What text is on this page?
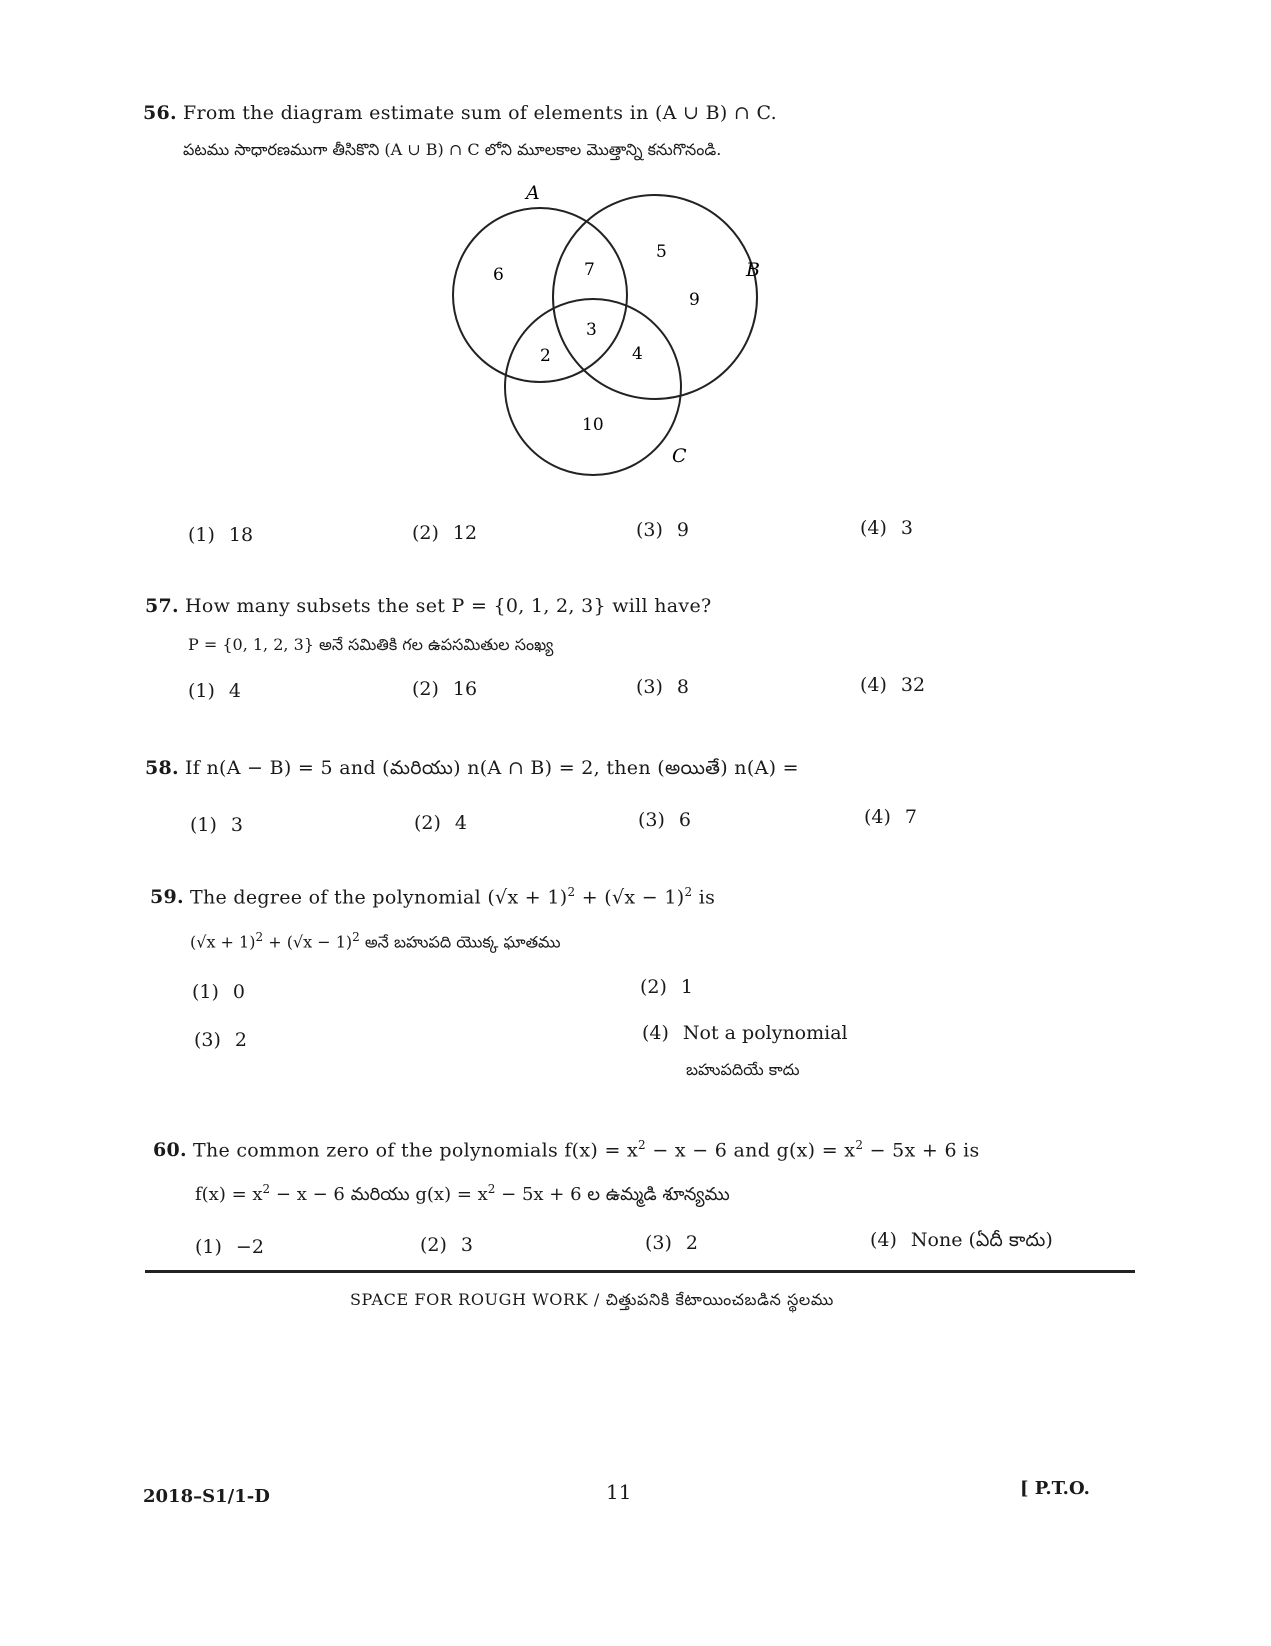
56. From the diagram estimate sum of elements in (A ∪ B) ∩ C.
పటము సాధారణముగా తీసికొని (A ∪ B) ∩ C లోని మూలకాల మొత్తాన్ని కనుగొనండి.
A
B
C
6	7
5
9
3
2	4
10
(1) 18	(2) 12	(3) 9	(4) 3
57. How many subsets the set P = {0, 1, 2, 3} will have?
P = {0, 1, 2, 3} అనే సమితికి గల ఉపసమితుల సంఖ్య
(1) 4	(2) 16	(3) 8	(4) 32
58. If n(A − B) = 5 and (మరియు) n(A ∩ B) = 2, then (అయితే) n(A) =
(1) 3	(2) 4	(3) 6	(4) 7
59. The degree of the polynomial $(√x + 1)^2 + (√x - 1)^2$ is
$(√x + 1)^2 + (√x - 1)^2$ అనే బహుపది యొక్క ఘాతము
(1) 0	(2) 1
(3) 2	(4) Not a polynomial
బహుపదియే కాదు
60. The common zero of the polynomials $f(x) = x^2 - x - 6$ and $g(x) = x^2 - 5x + 6$ is
$f(x) = x^2 - x - 6$ మరియు $g(x) = x^2 - 5x + 6$ ల ఉమ్మడి శూన్యము
(1) −2	(2) 3	(3) 2	(4) None (ఏదీ కాదు)
SPACE FOR ROUGH WORK / చిత్తుపనికి కేటాయించబడిన స్థలము
2018–S1/1-D	11	[ P.T.O.
